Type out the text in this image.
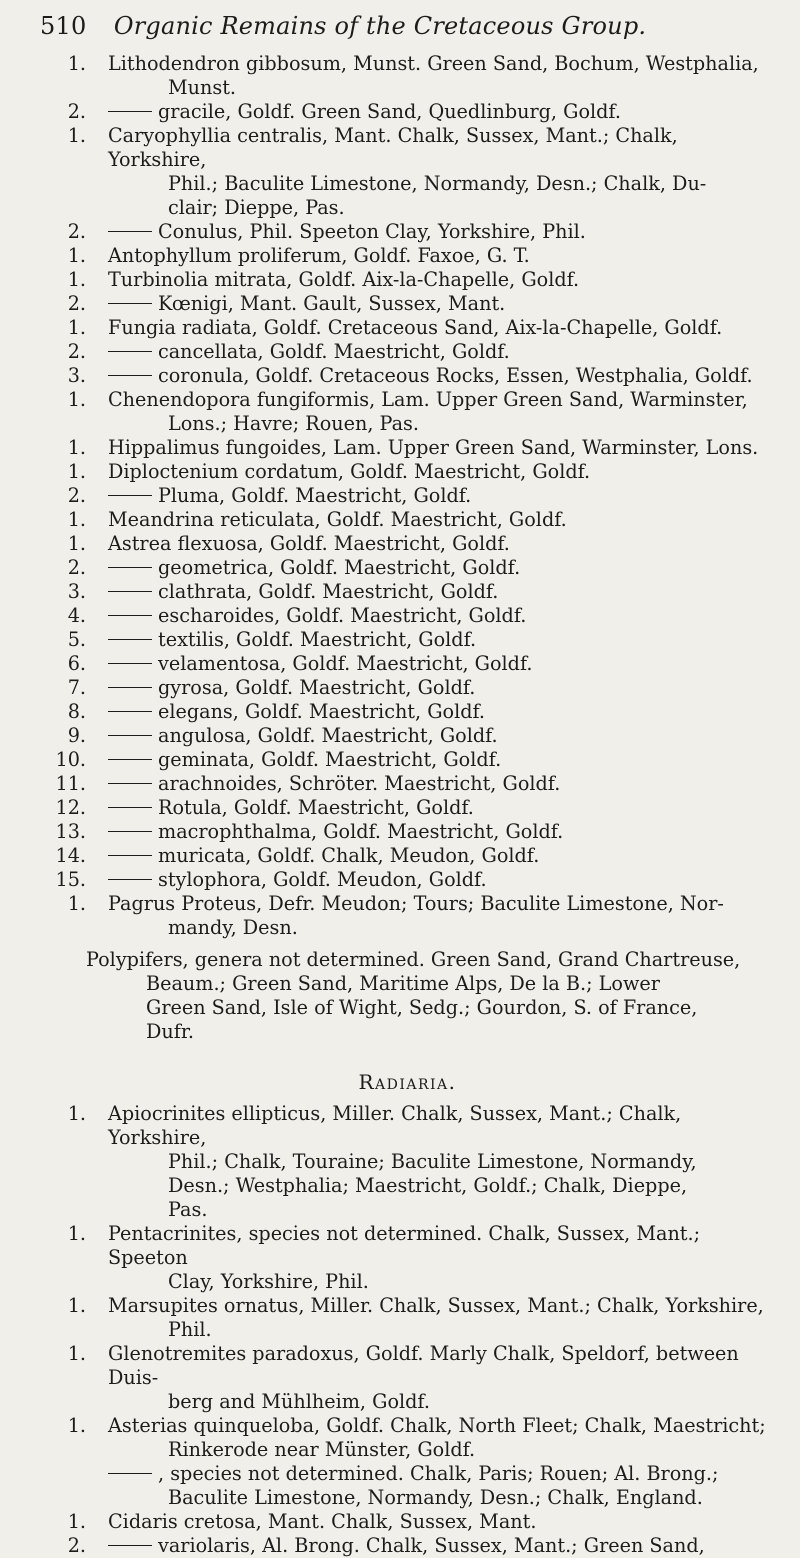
510 Organic Remains of the Cretaceous Group.
1. Lithodendron gibbosum, Munst. Green Sand, Bochum, Westphalia,
Munst.
2.	gracile, Goldf. Green Sand, Quedlinburg, Goldf.
1. Caryophyllia centralis, Mant. Chalk, Sussex, Mant.; Chalk, Yorkshire,
Phil.; Baculite Limestone, Normandy, Desn.; Chalk, Du-
clair; Dieppe, Pas.
2.	Conulus, Phil. Speeton Clay, Yorkshire, Phil.
1. Antophyllum proliferum, Goldf. Faxoe, G. T.
1. Turbinolia mitrata, Goldf. Aix-la-Chapelle, Goldf.
2.	Kœnigi, Mant. Gault, Sussex, Mant.
1. Fungia radiata, Goldf. Cretaceous Sand, Aix-la-Chapelle, Goldf.
2.	cancellata, Goldf. Maestricht, Goldf.
3.	coronula, Goldf. Cretaceous Rocks, Essen, Westphalia, Goldf.
1. Chenendopora fungiformis, Lam. Upper Green Sand, Warminster,
Lons.; Havre; Rouen, Pas.
1. Hippalimus fungoides, Lam. Upper Green Sand, Warminster, Lons.
1. Diploctenium cordatum, Goldf. Maestricht, Goldf.
2.	Pluma, Goldf. Maestricht, Goldf.
1. Meandrina reticulata, Goldf. Maestricht, Goldf.
1. Astrea flexuosa, Goldf. Maestricht, Goldf.
2.	geometrica, Goldf. Maestricht, Goldf.
3.	clathrata, Goldf. Maestricht, Goldf.
4.	escharoides, Goldf. Maestricht, Goldf.
5.	textilis, Goldf. Maestricht, Goldf.
6.	velamentosa, Goldf. Maestricht, Goldf.
7.	gyrosa, Goldf. Maestricht, Goldf.
8.	elegans, Goldf. Maestricht, Goldf.
9.	angulosa, Goldf. Maestricht, Goldf.
10.	geminata, Goldf. Maestricht, Goldf.
11.	arachnoides, Schröter. Maestricht, Goldf.
12.	Rotula, Goldf. Maestricht, Goldf.
13.	macrophthalma, Goldf. Maestricht, Goldf.
14.	muricata, Goldf. Chalk, Meudon, Goldf.
15.	stylophora, Goldf. Meudon, Goldf.
1. Pagrus Proteus, Defr. Meudon; Tours; Baculite Limestone, Nor-
mandy, Desn.
Polypifers, genera not determined. Green Sand, Grand Chartreuse,
Beaum.; Green Sand, Maritime Alps, De la B.; Lower
Green Sand, Isle of Wight, Sedg.; Gourdon, S. of France,
Dufr.
Radiaria.
1. Apiocrinites ellipticus, Miller. Chalk, Sussex, Mant.; Chalk, Yorkshire,
Phil.; Chalk, Touraine; Baculite Limestone, Normandy,
Desn.; Westphalia; Maestricht, Goldf.; Chalk, Dieppe,
Pas.
1. Pentacrinites, species not determined. Chalk, Sussex, Mant.; Speeton
Clay, Yorkshire, Phil.
1. Marsupites ornatus, Miller. Chalk, Sussex, Mant.; Chalk, Yorkshire,
Phil.
1. Glenotremites paradoxus, Goldf. Marly Chalk, Speldorf, between Duis-
berg and Mühlheim, Goldf.
1. Asterias quinqueloba, Goldf. Chalk, North Fleet; Chalk, Maestricht;
Rinkerode near Münster, Goldf.
, species not determined. Chalk, Paris; Rouen; Al. Brong.;
Baculite Limestone, Normandy, Desn.; Chalk, England.
1. Cidaris cretosa, Mant. Chalk, Sussex, Mant.
2.	variolaris, Al. Brong. Chalk, Sussex, Mant.; Green Sand,
